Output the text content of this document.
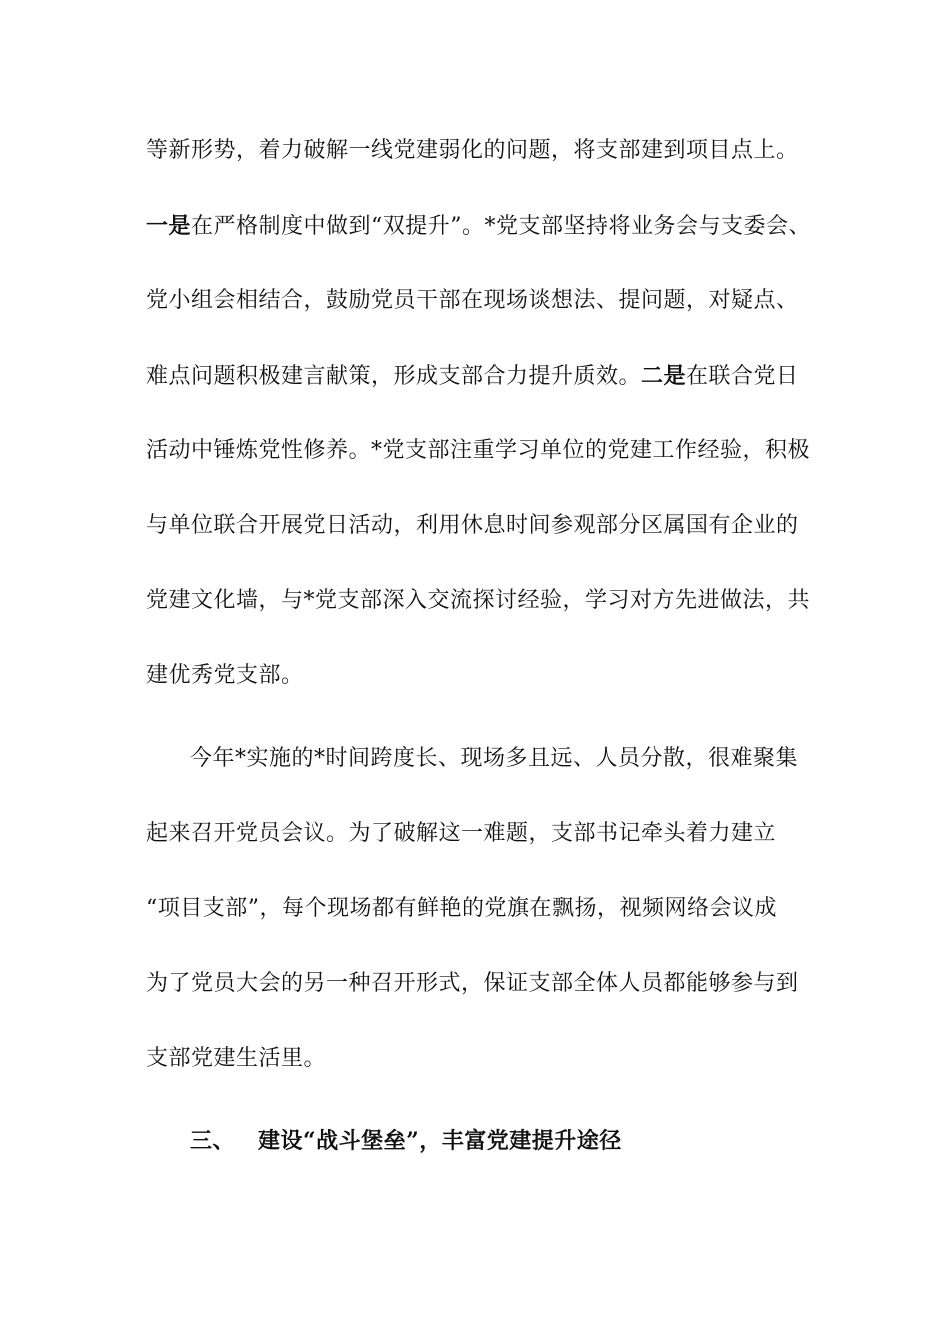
等新形势，着力破解一线党建弱化的问题，将支部建到项目点上。
一是在严格制度中做到“双提升”。*党支部坚持将业务会与支委会、
党小组会相结合，鼓励党员干部在现场谈想法、提问题，对疑点、
难点问题积极建言献策，形成支部合力提升质效。二是在联合党日
活动中锤炼党性修养。*党支部注重学习单位的党建工作经验，积极
与单位联合开展党日活动，利用休息时间参观部分区属国有企业的
党建文化墙，与*党支部深入交流探讨经验，学习对方先进做法，共
建优秀党支部。
今年*实施的*时间跨度长、现场多且远、人员分散，很难聚集
起来召开党员会议。为了破解这一难题，支部书记牵头着力建立
“项目支部”，每个现场都有鲜艳的党旗在飘扬，视频网络会议成
为了党员大会的另一种召开形式，保证支部全体人员都能够参与到
支部党建生活里。
三、 建设“战斗堡垒”，丰富党建提升途径
